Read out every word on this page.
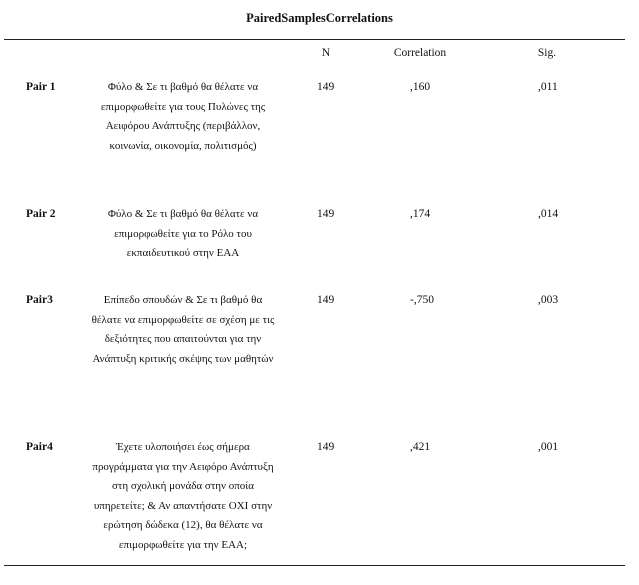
PairedSamplesCorrelations
N	Correlation	Sig.
Pair 1	Φύλο & Σε τι βαθμό θα θέλατε να
επιμορφωθείτε για τους Πυλώνες της
Αειφόρου Ανάπτυξης (περιβάλλον,
κοινωνία, οικονομία, πολιτισμός)
149	,160	,011
Pair 2	Φύλο & Σε τι βαθμό θα θέλατε να
επιμορφωθείτε για το Ρόλο του
εκπαιδευτικού στην ΕΑΑ
149	,174	,014
Pair3	Επίπεδο σπουδών & Σε τι βαθμό θα
θέλατε να επιμορφωθείτε σε σχέση με τις
δεξιότητες που απαιτούνται για την
Ανάπτυξη κριτικής σκέψης των μαθητών
149	-,750	,003
Pair4	Έχετε υλοποιήσει έως σήμερα
προγράμματα για την Αειφόρο Ανάπτυξη
στη σχολική μονάδα στην οποία
υπηρετείτε; & Αν απαντήσατε ΟΧΙ στην
ερώτηση δώδεκα (12), θα θέλατε να
επιμορφωθείτε για την ΕΑΑ;
149	,421	,001
